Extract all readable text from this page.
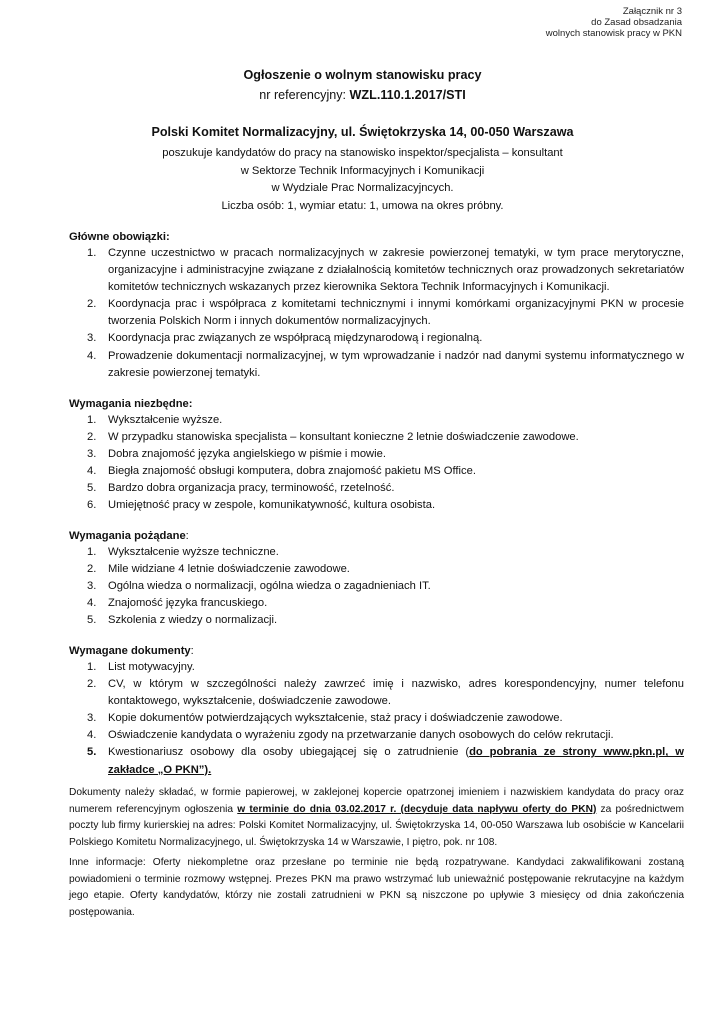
Załącznik nr 3
do Zasad obsadzania
wolnych stanowisk pracy w PKN
Ogłoszenie o wolnym stanowisku pracy
nr referencyjny: WZL.110.1.2017/STI
Polski Komitet Normalizacyjny, ul. Świętokrzyska 14, 00-050 Warszawa
poszukuje kandydatów do pracy na stanowisko inspektor/specjalista – konsultant
w Sektorze Technik Informacyjnych i Komunikacji
w Wydziale Prac Normalizacyjncych.
Liczba osób: 1, wymiar etatu: 1, umowa na okres próbny.
Główne obowiązki:
1. Czynne uczestnictwo w pracach normalizacyjnych w zakresie powierzonej tematyki, w tym prace merytoryczne, organizacyjne i administracyjne związane z działalnością komitetów technicznych oraz prowadzonych sekretariatów komitetów technicznych wskazanych przez kierownika Sektora Technik Informacyjnych i Komunikacji.
2. Koordynacja prac i współpraca z komitetami technicznymi i innymi komórkami organizacyjnymi PKN w procesie tworzenia Polskich Norm i innych dokumentów normalizacyjnych.
3. Koordynacja prac związanych ze współpracą międzynarodową i regionalną.
4. Prowadzenie dokumentacji normalizacyjnej, w tym wprowadzanie i nadzór nad danymi systemu informatycznego w zakresie powierzonej tematyki.
Wymagania niezbędne:
1. Wykształcenie wyższe.
2. W przypadku stanowiska specjalista – konsultant konieczne 2 letnie doświadczenie zawodowe.
3. Dobra znajomość języka angielskiego w piśmie i mowie.
4. Biegła znajomość obsługi komputera, dobra znajomość pakietu MS Office.
5. Bardzo dobra organizacja pracy, terminowość, rzetelność.
6. Umiejętność pracy w zespole, komunikatywność, kultura osobista.
Wymagania pożądane:
1. Wykształcenie wyższe techniczne.
2. Mile widziane 4 letnie doświadczenie zawodowe.
3. Ogólna wiedza o normalizacji, ogólna wiedza o zagadnieniach IT.
4. Znajomość języka francuskiego.
5. Szkolenia z wiedzy o normalizacji.
Wymagane dokumenty:
1. List motywacyjny.
2. CV, w którym w szczególności należy zawrzeć imię i nazwisko, adres korespondencyjny, numer telefonu kontaktowego, wykształcenie, doświadczenie zawodowe.
3. Kopie dokumentów potwierdzających wykształcenie, staż pracy i doświadczenie zawodowe.
4. Oświadczenie kandydata o wyrażeniu zgody na przetwarzanie danych osobowych do celów rekrutacji.
5. Kwestionariusz osobowy dla osoby ubiegającej się o zatrudnienie (do pobrania ze strony www.pkn.pl, w zakładce „O PKN”).
Dokumenty należy składać, w formie papierowej, w zaklejonej kopercie opatrzonej imieniem i nazwiskiem kandydata do pracy oraz numerem referencyjnym ogłoszenia w terminie do dnia 03.02.2017 r. (decyduje data napływu oferty do PKN) za pośrednictwem poczty lub firmy kurierskiej na adres: Polski Komitet Normalizacyjny, ul. Świętokrzyska 14, 00-050 Warszawa lub osobiście w Kancelarii Polskiego Komitetu Normalizacyjnego, ul. Świętokrzyska 14 w Warszawie, I piętro, pok. nr 108.
Inne informacje: Oferty niekompletne oraz przesłane po terminie nie będą rozpatrywane. Kandydaci zakwalifikowani zostaną powiadomieni o terminie rozmowy wstępnej. Prezes PKN ma prawo wstrzymać lub unieważnić postępowanie rekrutacyjne na każdym jego etapie. Oferty kandydatów, którzy nie zostali zatrudnieni w PKN są niszczone po upływie 3 miesięcy od dnia zakończenia postępowania.
